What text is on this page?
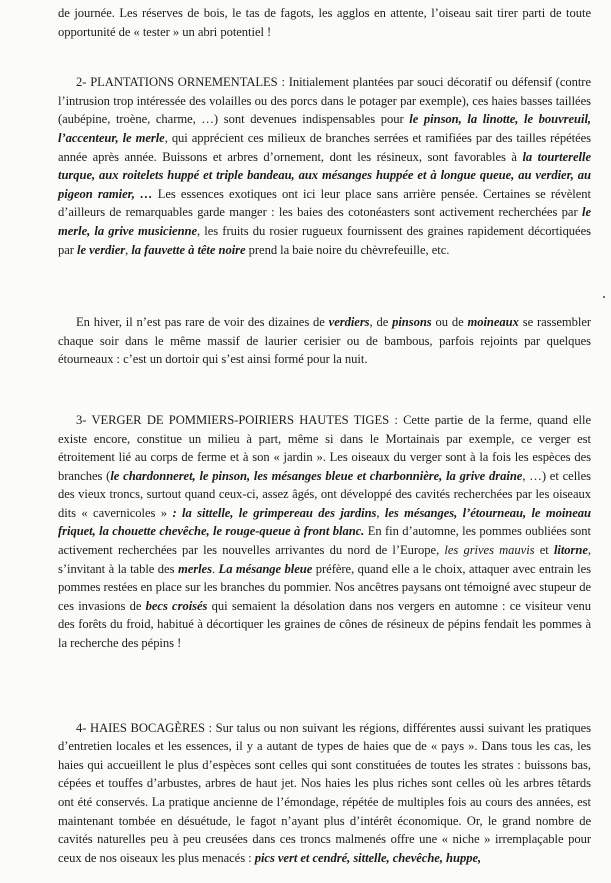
de journée. Les réserves de bois, le tas de fagots, les agglos en attente, l’oiseau sait tirer parti de toute opportunité de « tester » un abri potentiel !

2- PLANTATIONS ORNEMENTALES : Initialement plantées par souci décoratif ou défensif (contre l’intrusion trop intéressée des volailles ou des porcs dans le potager par exemple), ces haies basses taillées (aubépine, troène, charme, …) sont devenues indispensables pour le pinson, la linotte, le bouvreuil, l’accenteur, le merle, qui apprécient ces milieux de branches serrées et ramifiées par des tailles répétées année après année. Buissons et arbres d’ornement, dont les résineux, sont favorables à la tourterelle turque, aux roitelets huppé et triple bandeau, aux mésanges huppée et à longue queue, au verdier, au pigeon ramier, … Les essences exotiques ont ici leur place sans arrière pensée. Certaines se révèlent d’ailleurs de remarquables garde manger : les baies des cotonéasters sont activement recherchées par le merle, la grive musicienne, les fruits du rosier rugueux fournissent des graines rapidement décortiquées par le verdier, la fauvette à tête noire prend la baie noire du chèvrefeuille, etc.

En hiver, il n’est pas rare de voir des dizaines de verdiers, de pinsons ou de moineaux se rassembler chaque soir dans le même massif de laurier cerisier ou de bambous, parfois rejoints par quelques étourneaux : c’est un dortoir qui s’est ainsi formé pour la nuit.

3- VERGER DE POMMIERS-POIRIERS HAUTES TIGES : Cette partie de la ferme, quand elle existe encore, constitue un milieu à part, même si dans le Mortainais par exemple, ce verger est étroitement lié au corps de ferme et à son « jardin ». Les oiseaux du verger sont à la fois les espèces des branches (le chardonneret, le pinson, les mésanges bleue et charbonnière, la grive draine, …) et celles des vieux troncs, surtout quand ceux-ci, assez âgés, ont développé des cavités recherchées par les oiseaux dits « cavernicoles » : la sittelle, le grimpereau des jardins, les mésanges, l’étourneau, le moineau friquet, la chouette chevêche, le rouge-queue à front blanc. En fin d’automne, les pommes oubliées sont activement recherchées par les nouvelles arrivantes du nord de l’Europe, les grives mauvis et litorne, s’invitant à la table des merles. La mésange bleue préfère, quand elle a le choix, attaquer avec entrain les pommes restées en place sur les branches du pommier. Nos ancêtres paysans ont témoigné avec stupeur de ces invasions de becs croisés qui semaient la désolation dans nos vergers en automne : ce visiteur venu des forêts du froid, habitué à décortiquer les graines de cônes de résineux de pépins fendait les pommes à la recherche des pépins !

4- HAIES BOCAGÈRES : Sur talus ou non suivant les régions, différentes aussi suivant les pratiques d’entretien locales et les essences, il y a autant de types de haies que de « pays ». Dans tous les cas, les haies qui accueillent le plus d’espèces sont celles qui sont constituées de toutes les strates : buissons bas, cépées et touffes d’arbustes, arbres de haut jet. Nos haies les plus riches sont celles où les arbres têtards ont été conservés. La pratique ancienne de l’émondage, répétée de multiples fois au cours des années, est maintenant tombée en désuétude, le fagot n’ayant plus d’intérêt économique. Or, le grand nombre de cavités naturelles peu à peu creusées dans ces troncs malmenés offre une « niche » irremplaçable pour ceux de nos oiseaux les plus menacés : pics vert et cendré, sittelle, chevêche, huppe,
